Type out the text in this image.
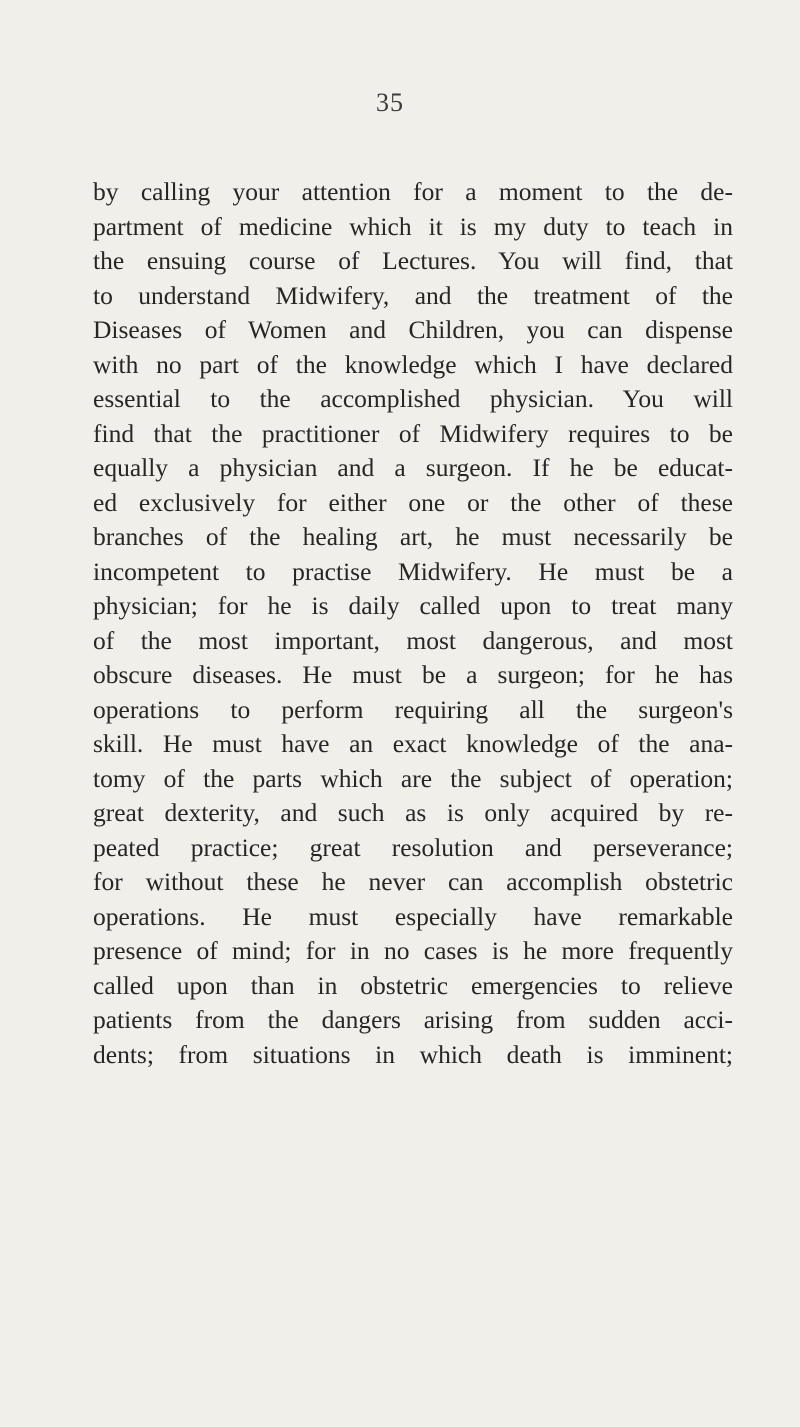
35
by calling your attention for a moment to the de-
partment of medicine which it is my duty to teach in
the ensuing course of Lectures. You will find, that
to understand Midwifery, and the treatment of the
Diseases of Women and Children, you can dispense
with no part of the knowledge which I have declared
essential to the accomplished physician. You will
find that the practitioner of Midwifery requires to be
equally a physician and a surgeon. If he be educat-
ed exclusively for either one or the other of these
branches of the healing art, he must necessarily be
incompetent to practise Midwifery. He must be a
physician; for he is daily called upon to treat many
of the most important, most dangerous, and most
obscure diseases. He must be a surgeon; for he has
operations to perform requiring all the surgeon's
skill. He must have an exact knowledge of the ana-
tomy of the parts which are the subject of operation;
great dexterity, and such as is only acquired by re-
peated practice; great resolution and perseverance;
for without these he never can accomplish obstetric
operations. He must especially have remarkable
presence of mind; for in no cases is he more frequently
called upon than in obstetric emergencies to relieve
patients from the dangers arising from sudden acci-
dents; from situations in which death is imminent;
